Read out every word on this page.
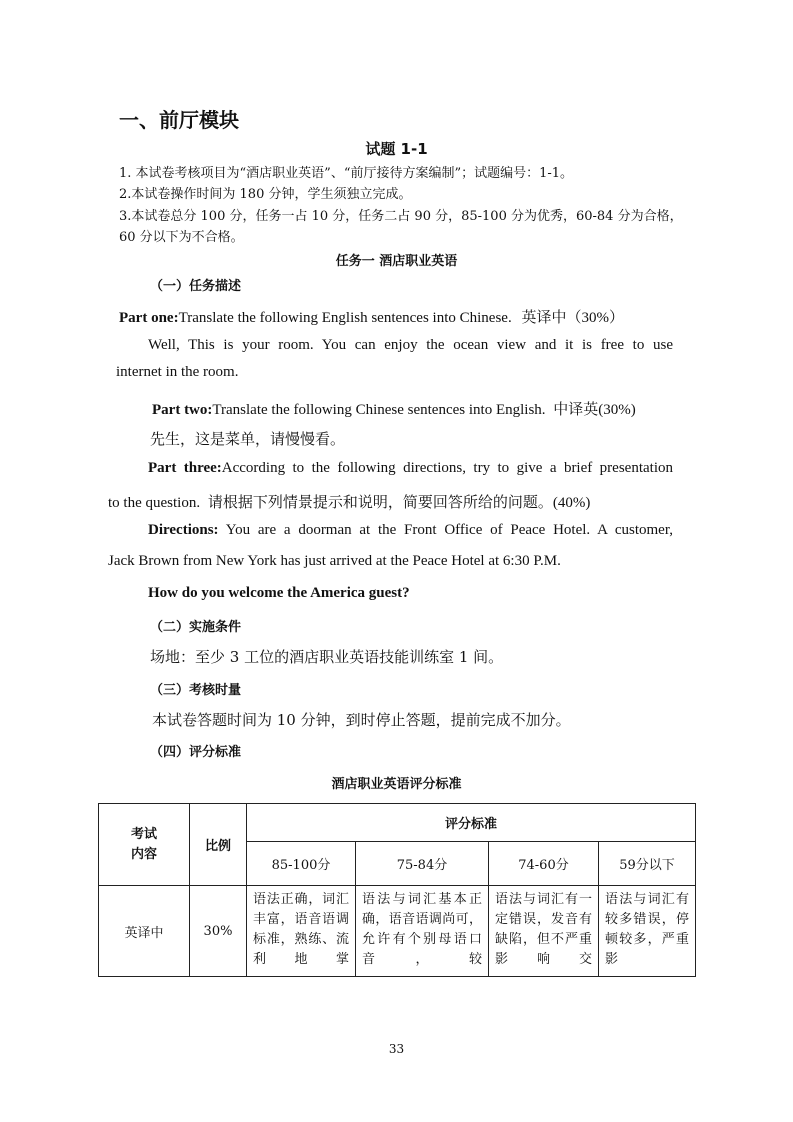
一、前厅模块
试题 1-1
1. 本试卷考核项目为“酒店职业英语”、“前厅接待方案编制”；试题编号：1-1。
2.本试卷操作时间为 180 分钟，学生须独立完成。
3.本试卷总分 100 分，任务一占 10 分，任务二占 90 分，85-100 分为优秀，60-84 分为合格，
60 分以下为不合格。
任务一 酒店职业英语
（一）任务描述
Part one:Translate the following English sentences into Chinese. 英译中（30%）
Well, This is your room. You can enjoy the ocean view and it is free to use
internet in the room.
Part two:Translate the following Chinese sentences into English. 中译英(30%)
先生，这是菜单，请慢慢看。
Part three:According to the following directions, try to give a brief presentation
to the question. 请根据下列情景提示和说明，简要回答所给的问题。(40%)
Directions: You are a doorman at the Front Office of Peace Hotel. A customer,
Jack Brown from New York has just arrived at the Peace Hotel at 6:30 P.M.
How do you welcome the America guest?
（二）实施条件
场地：至少 3 工位的酒店职业英语技能训练室 1 间。
（三）考核时量
本试卷答题时间为 10 分钟，到时停止答题，提前完成不加分。
（四）评分标准
酒店职业英语评分标准
考试
内容	比例	评分标准			
		85-100分	75-84分	74-60分	59分以下
英译中	30%	语法正确，词汇丰富，语音语调标准，熟练、流利地掌	语法与词汇基本正确，语音语调尚可，允许有个别母语口音，较	语法与词汇有一定错误，发音有缺陷，但不严重影响交	语法与词汇有较多错误，停顿较多，严重影
33
